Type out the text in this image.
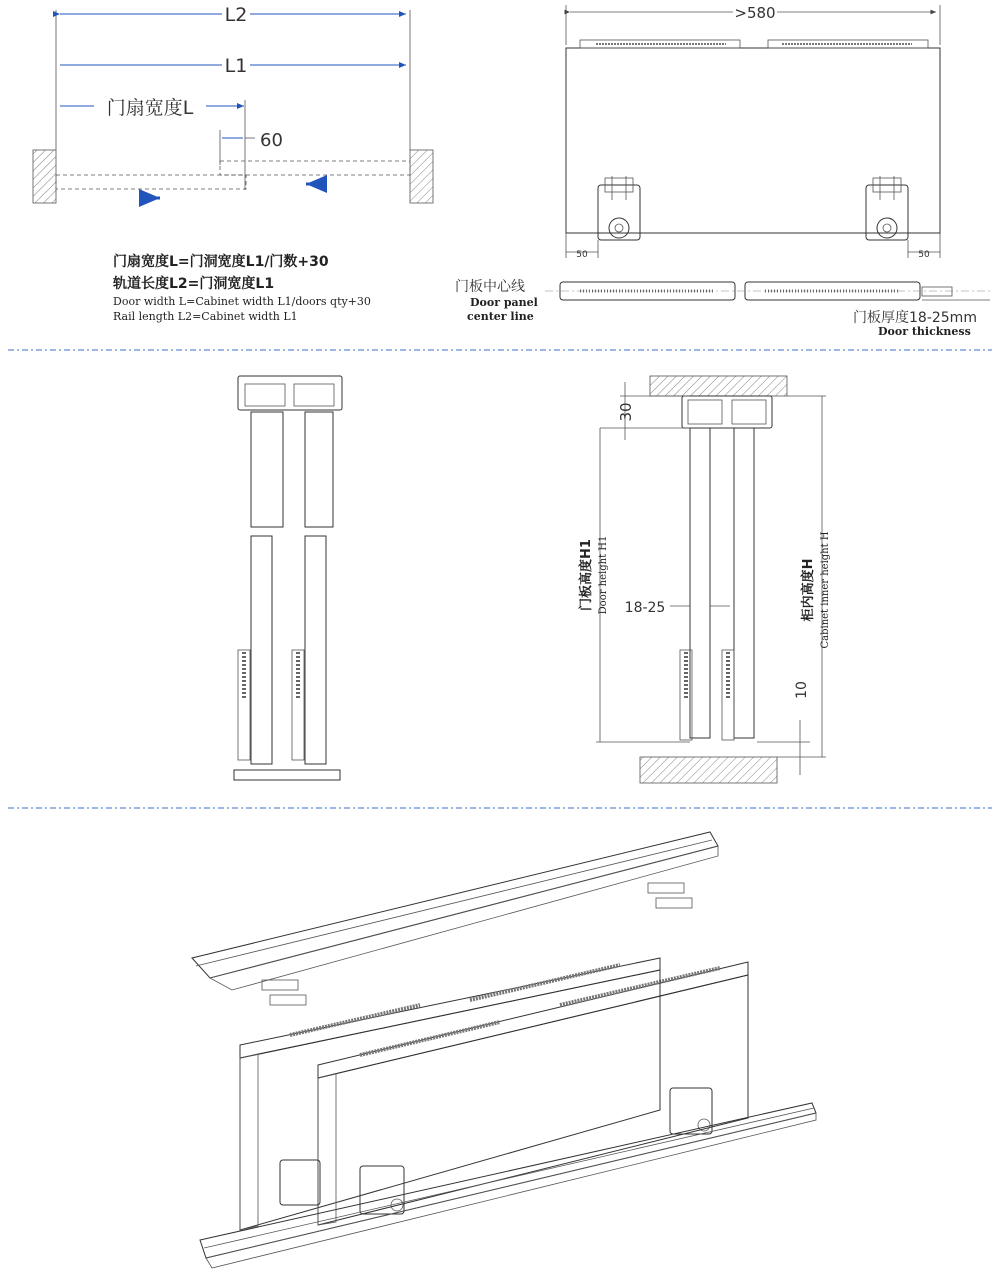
L2
L1
门扇宽度L
60
门扇宽度L=门洞宽度L1/门数+30
轨道长度L2=门洞宽度L1
Door width L=Cabinet width L1/doors qty+30
Rail length L2=Cabinet width L1
>580
50	50
门板中心线
Door panel
center line	门板厚度18-25mm
Door thickness
30
门板高度H1 Door height H1	柜内高度H Cabinet inner height H
18-25
10
